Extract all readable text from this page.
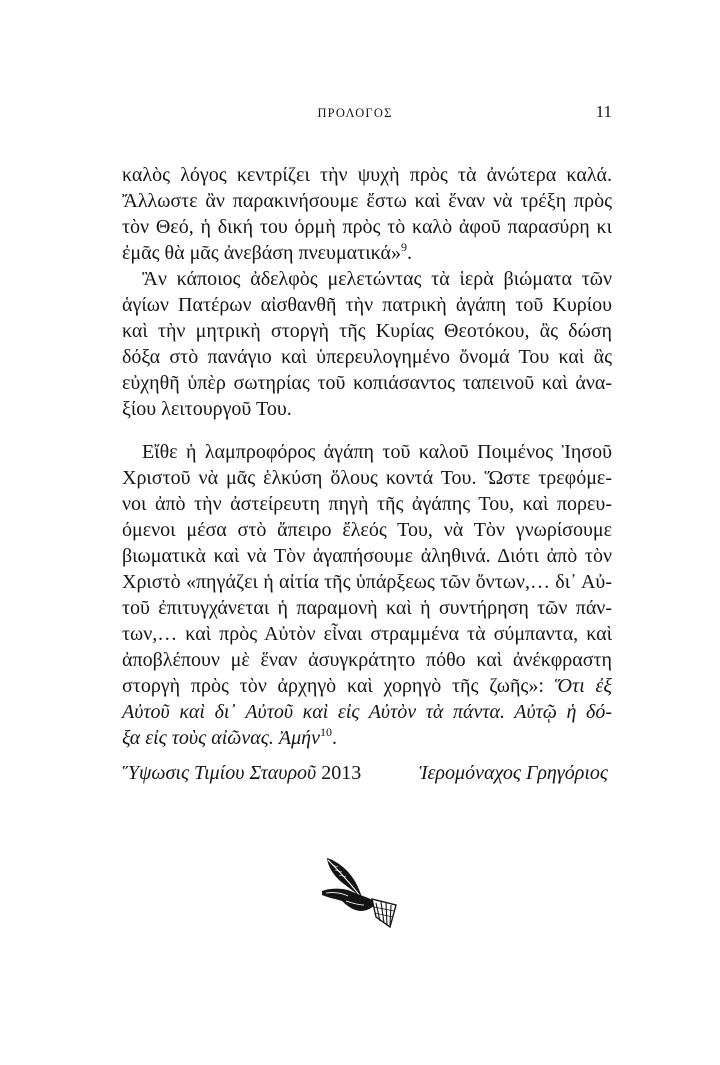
ΠΡΟΛΟΓΟΣ	11
καλὸς λόγος κεντρίζει τὴν ψυχὴ πρὸς τὰ ἀνώτερα καλά.
Ἄλλωστε ἂν παρακινήσουμε ἔστω καὶ ἕναν νὰ τρέξη πρὸς
τὸν Θεό, ἡ δική του ὁρμὴ πρὸς τὸ καλὸ ἀφοῦ παρασύρη κι
ἐμᾶς θὰ μᾶς ἀνεβάση πνευματικά»$^9$.
Ἂν κάποιος ἀδελφὸς μελετώντας τὰ ἱερὰ βιώματα τῶν
ἁγίων Πατέρων αἰσθανθῆ τὴν πατρικὴ ἀγάπη τοῦ Κυρίου
καὶ τὴν μητρικὴ στοργὴ τῆς Κυρίας Θεοτόκου, ἂς δώση
δόξα στὸ πανάγιο καὶ ὑπερευλογημένο ὄνομά Του καὶ ἂς
εὐχηθῆ ὑπὲρ σωτηρίας τοῦ κοπιάσαντος ταπεινοῦ καὶ ἀνα-
ξίου λειτουργοῦ Του.
Εἴθε ἡ λαμπροφόρος ἀγάπη τοῦ καλοῦ Ποιμένος Ἰησοῦ
Χριστοῦ νὰ μᾶς ἑλκύση ὅλους κοντά Του. Ὥστε τρεφόμε-
νοι ἀπὸ τὴν ἀστείρευτη πηγὴ τῆς ἀγάπης Του, καὶ πορευ-
όμενοι μέσα στὸ ἄπειρο ἔλεός Του, νὰ Τὸν γνωρίσουμε
βιωματικὰ καὶ νὰ Τὸν ἀγαπήσουμε ἀληθινά. Διότι ἀπὸ τὸν
Χριστὸ «πηγάζει ἡ αἰτία τῆς ὑπάρξεως τῶν ὄντων,… δι᾿ Αὐ-
τοῦ ἐπιτυγχάνεται ἡ παραμονὴ καὶ ἡ συντήρηση τῶν πάν-
των,… καὶ πρὸς Αὐτὸν εἶναι στραμμένα τὰ σύμπαντα, καὶ
ἀποβλέπουν μὲ ἕναν ἀσυγκράτητο πόθο καὶ ἀνέκφραστη
στοργὴ πρὸς τὸν ἀρχηγὸ καὶ χορηγὸ τῆς ζωῆς»: Ὅτι ἐξ
Αὐτοῦ καὶ δι᾿ Αὐτοῦ καὶ εἰς Αὐτὸν τὰ πάντα. Αὐτῷ ἡ δό-
ξα εἰς τοὺς αἰῶνας. Ἀμήν$^{10}$.
Ὕψωσις Τιμίου Σταυροῦ 2013	Ἱερομόναχος Γρηγόριος
